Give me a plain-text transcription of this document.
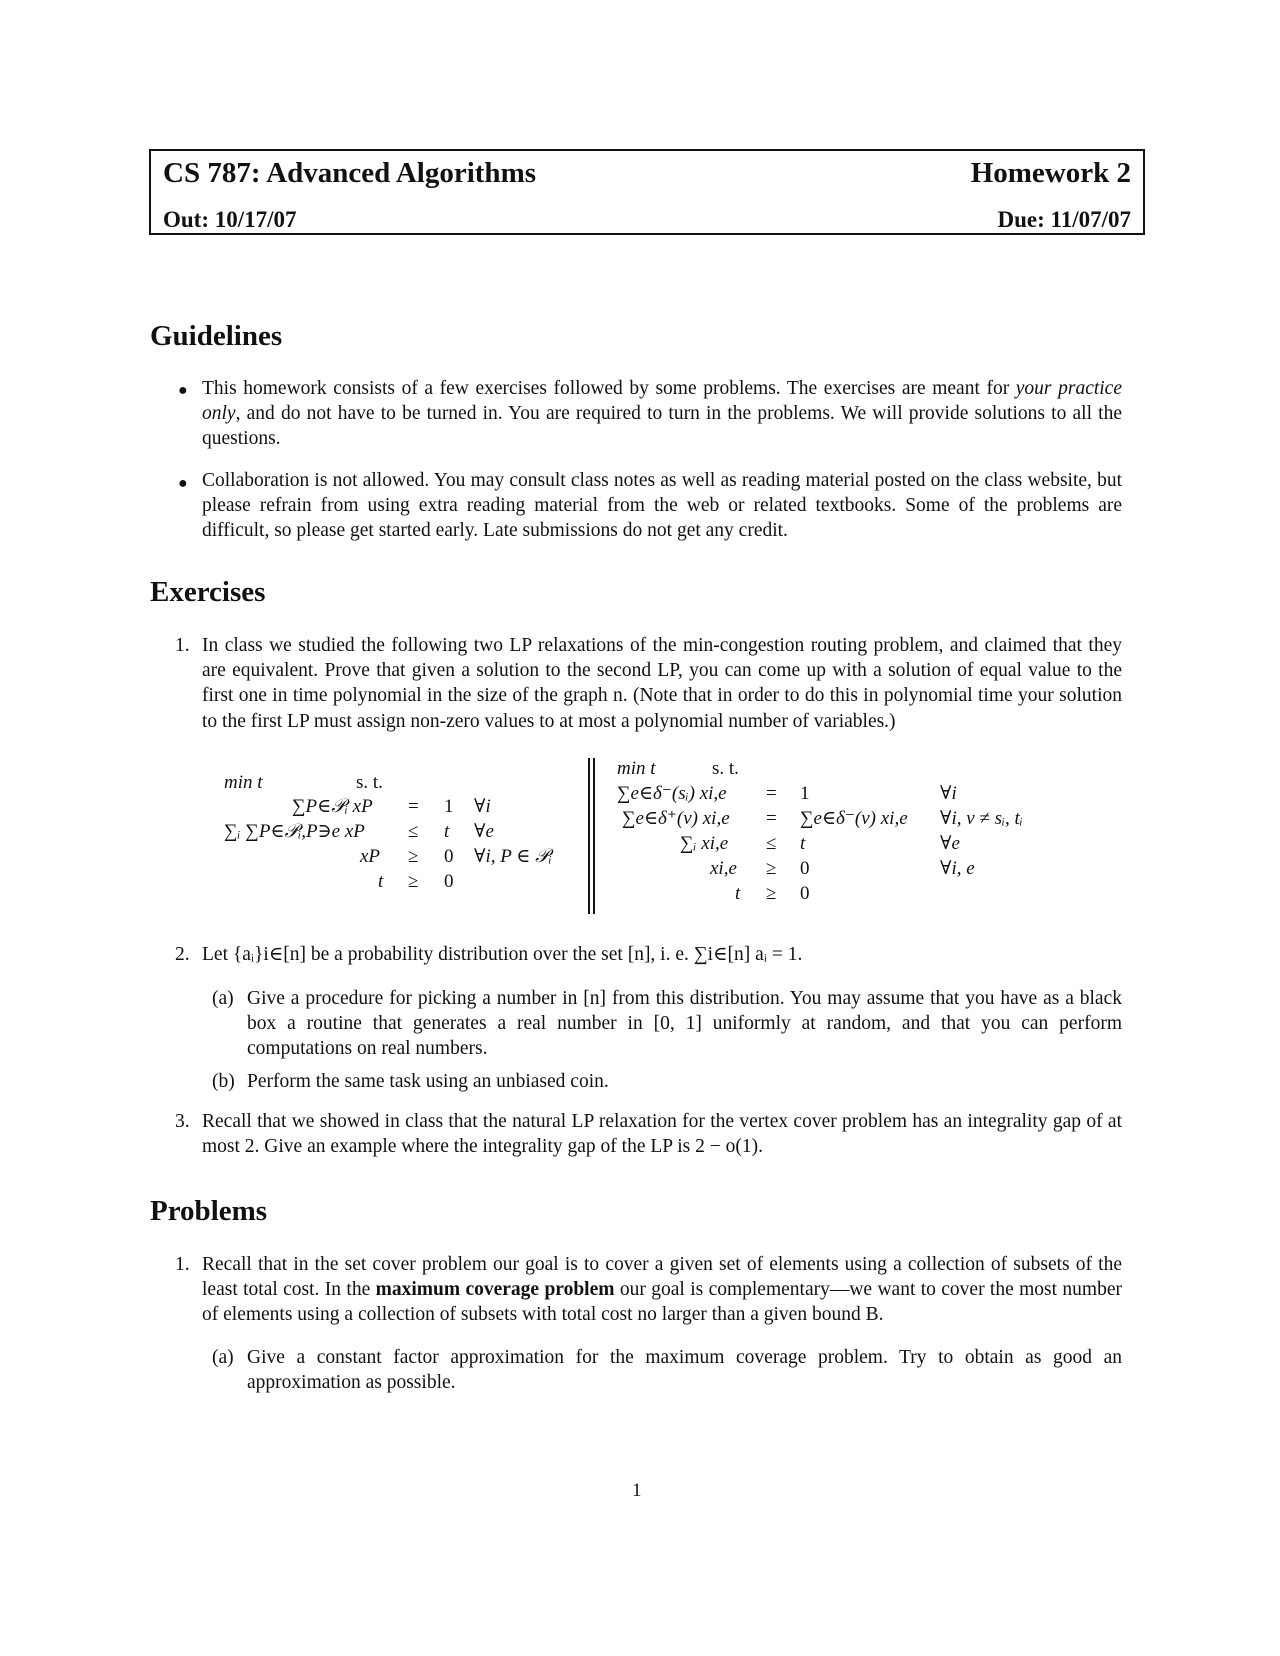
CS 787: Advanced Algorithms	Homework 2
Out: 10/17/07	Due: 11/07/07
Guidelines
● This homework consists of a few exercises followed by some problems. The exercises are meant for your practice only, and do not have to be turned in. You are required to turn in the problems. We will provide solutions to all the questions.

● Collaboration is not allowed. You may consult class notes as well as reading material posted on the class website, but please refrain from using extra reading material from the web or related textbooks. Some of the problems are difficult, so please get started early. Late submissions do not get any credit.

Exercises
1. In class we studied the following two LP relaxations of the min-congestion routing problem, and claimed that they are equivalent. Prove that given a solution to the second LP, you can come up with a solution of equal value to the first one in time polynomial in the size of the graph n. (Note that in order to do this in polynomial time your solution to the first LP must assign non-zero values to at most a polynomial number of variables.)

min t	s. t.
∑P∈𝒫ᵢ xP = 1 ∀i
∑ᵢ ∑P∈𝒫ᵢ,P∋e xP ≤ t ∀e
xP ≥ 0 ∀i, P ∈ 𝒫ᵢ
t ≥ 0
min t	s. t.
∑e∈δ⁻(sᵢ) xi,e = 1	∀i
∑e∈δ⁺(v) xi,e = ∑e∈δ⁻(v) xi,e ∀i, v ≠ sᵢ, tᵢ
∑ᵢ xi,e ≤ t	∀e
xi,e ≥ 0	∀i, e
t ≥ 0
2. Let {aᵢ}i∈[n] be a probability distribution over the set [n], i. e. ∑i∈[n] aᵢ = 1.

(a) Give a procedure for picking a number in [n] from this distribution. You may assume that you have as a black box a routine that generates a real number in [0, 1] uniformly at random, and that you can perform computations on real numbers.

(b) Perform the same task using an unbiased coin.

3. Recall that we showed in class that the natural LP relaxation for the vertex cover problem has an integrality gap of at most 2. Give an example where the integrality gap of the LP is 2 − o(1).

Problems
1. Recall that in the set cover problem our goal is to cover a given set of elements using a collection of subsets of the least total cost. In the maximum coverage problem our goal is complementary—we want to cover the most number of elements using a collection of subsets with total cost no larger than a given bound B.

(a) Give a constant factor approximation for the maximum coverage problem. Try to obtain as good an approximation as possible.

1
